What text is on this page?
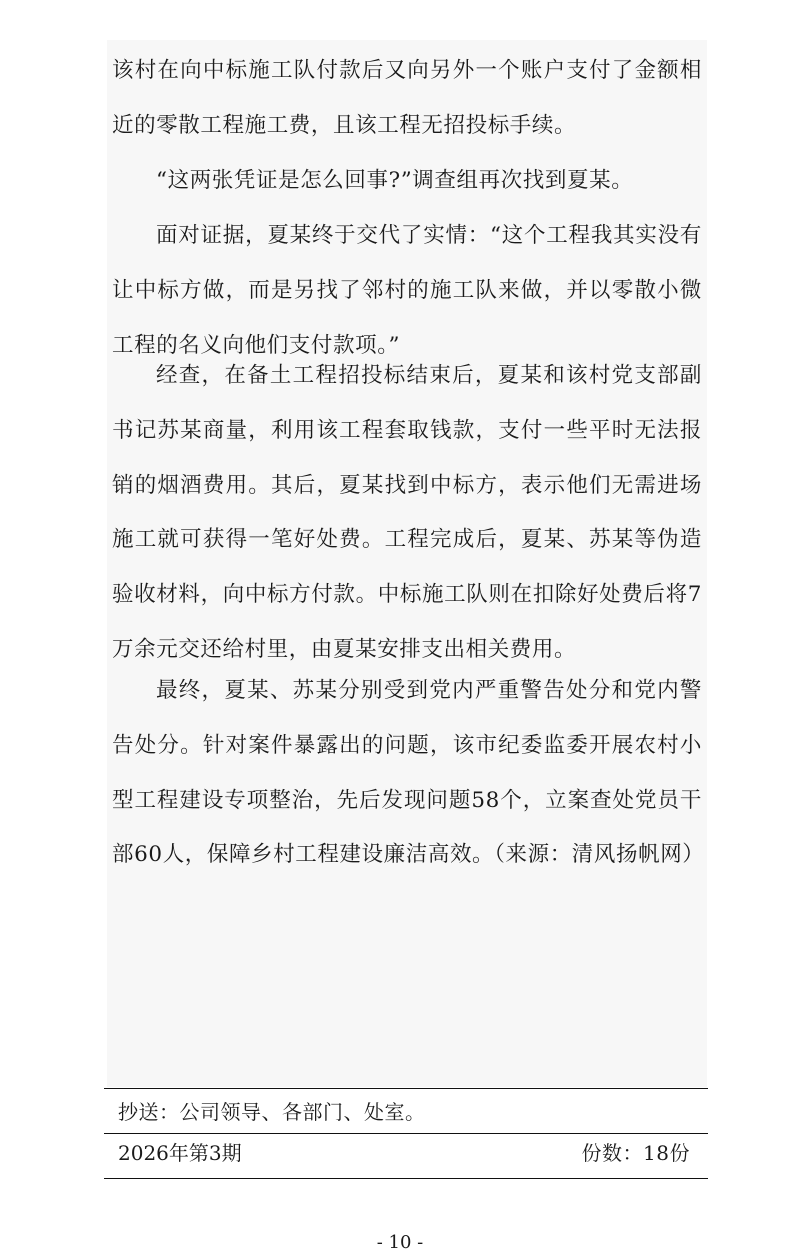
该村在向中标施工队付款后又向另外一个账户支付了金额相近的零散工程施工费，且该工程无招投标手续。

“这两张凭证是怎么回事?”调查组再次找到夏某。

面对证据，夏某终于交代了实情：“这个工程我其实没有让中标方做，而是另找了邻村的施工队来做，并以零散小微工程的名义向他们支付款项。”

经查，在备土工程招投标结束后，夏某和该村党支部副书记苏某商量，利用该工程套取钱款，支付一些平时无法报销的烟酒费用。其后，夏某找到中标方，表示他们无需进场施工就可获得一笔好处费。工程完成后，夏某、苏某等伪造验收材料，向中标方付款。中标施工队则在扣除好处费后将7万余元交还给村里，由夏某安排支出相关费用。

最终，夏某、苏某分别受到党内严重警告处分和党内警告处分。针对案件暴露出的问题，该市纪委监委开展农村小型工程建设专项整治，先后发现问题58个，立案查处党员干部60人，保障乡村工程建设廉洁高效。（来源：清风扬帆网）

抄送：公司领导、各部门、处室。
2026年第3期	份数：18份
- 10 -
